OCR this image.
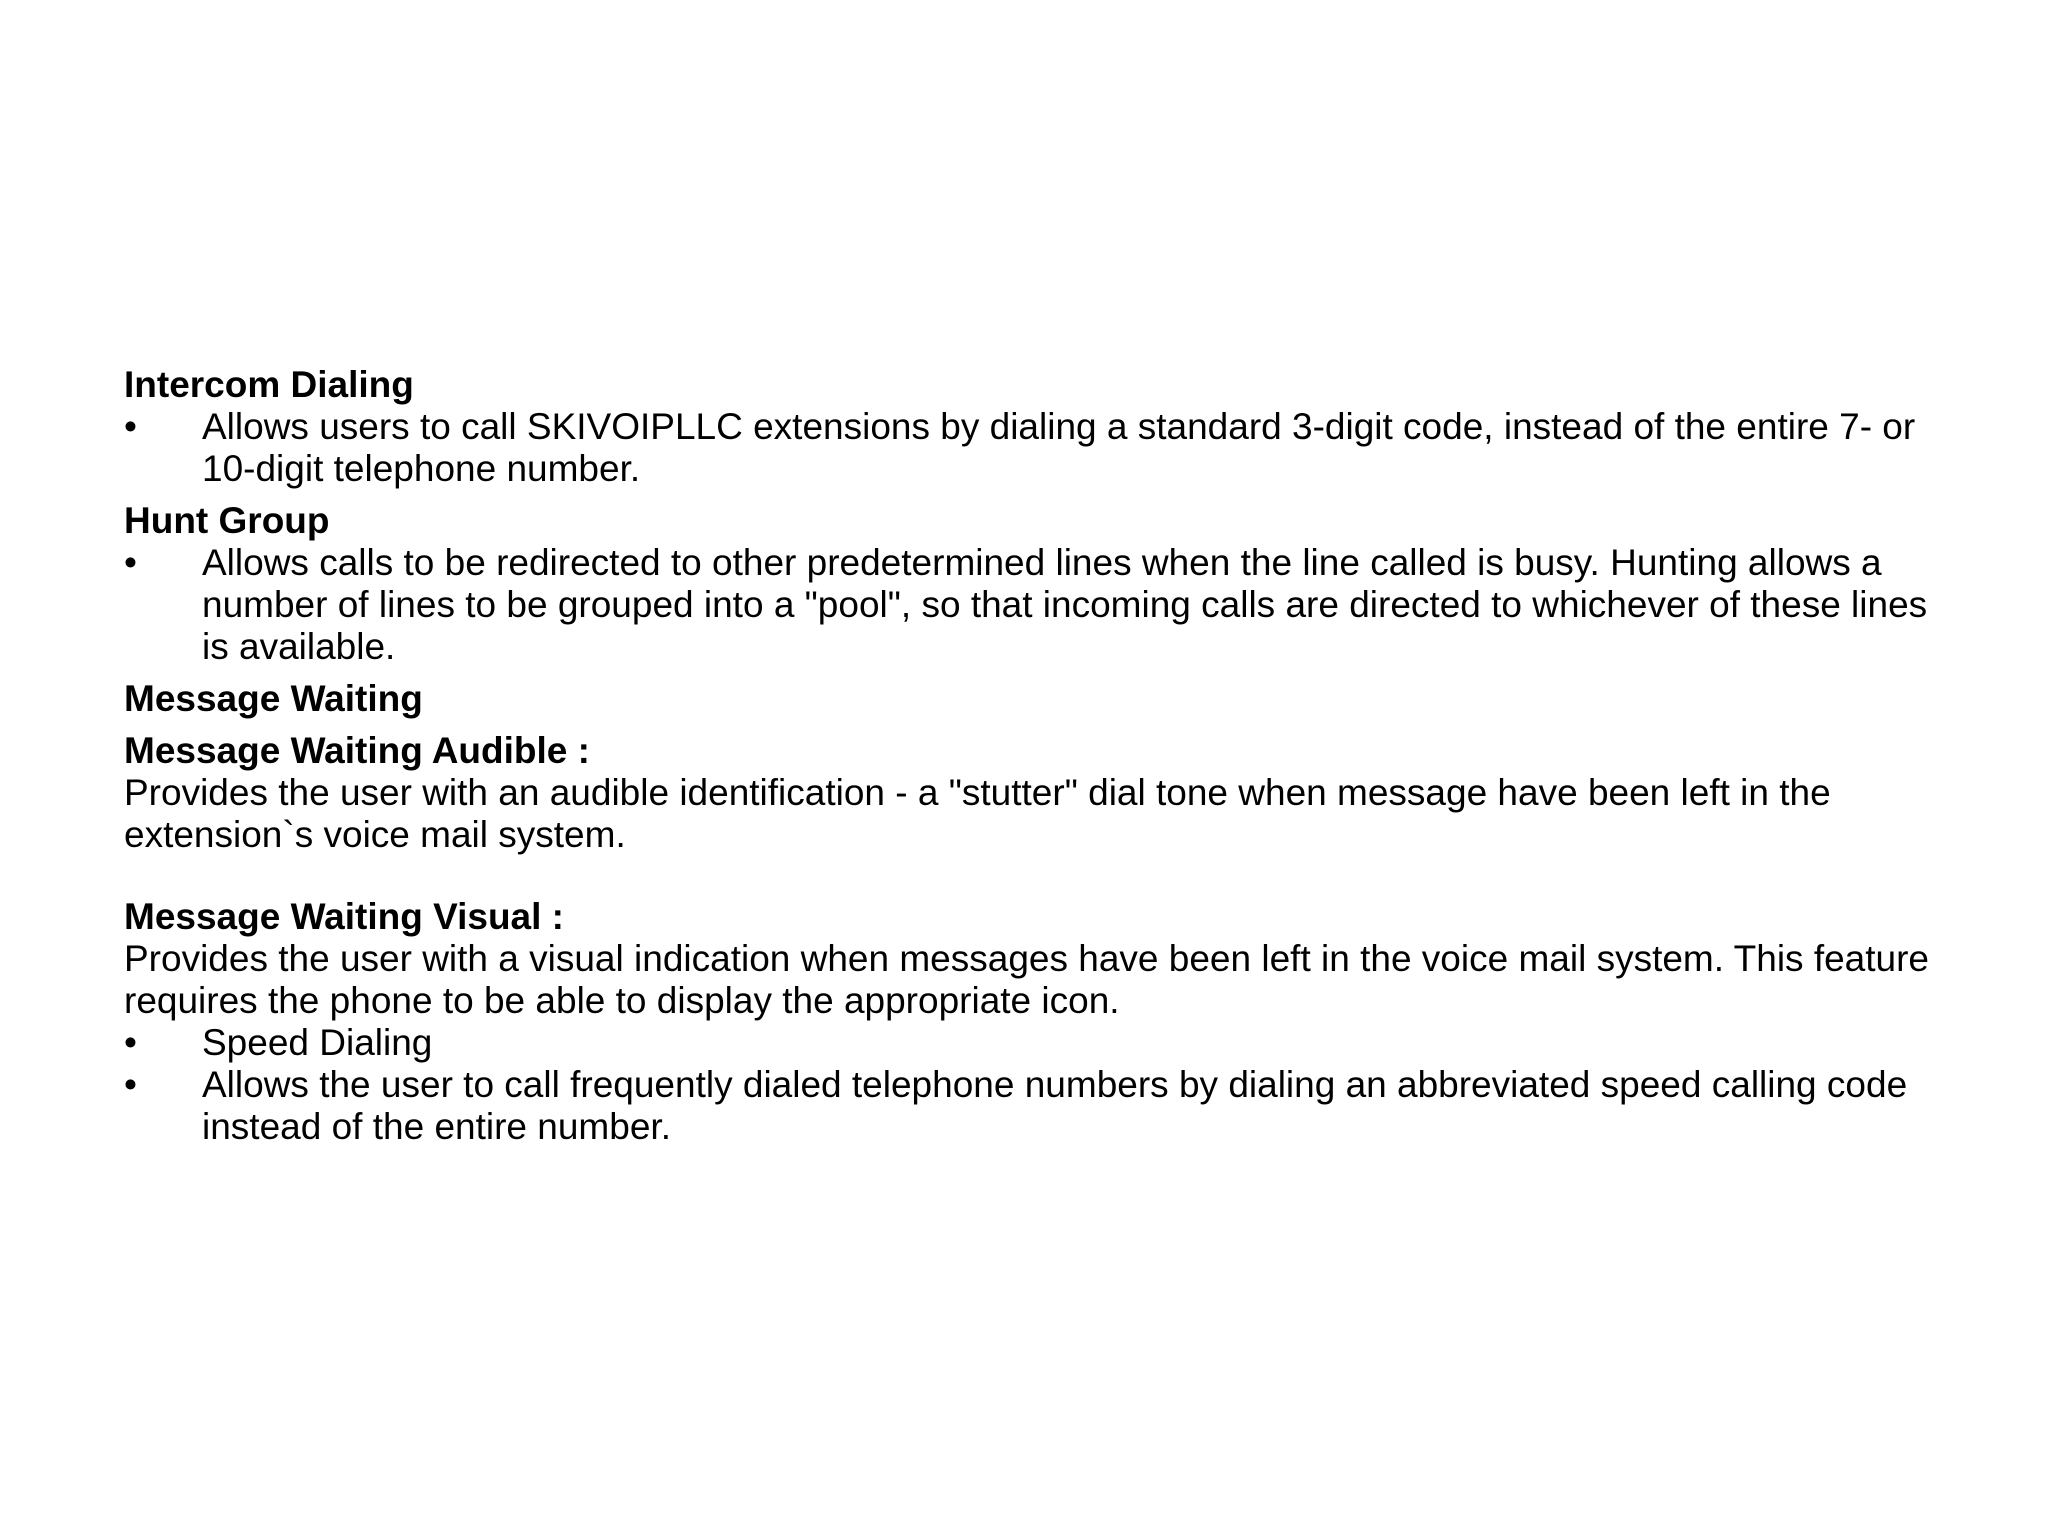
Intercom Dialing

• Allows users to call SKIVOIPLLC extensions by dialing a standard 3-digit code, instead of the entire 7- or 10-digit telephone number.

Hunt Group

• Allows calls to be redirected to other predetermined lines when the line called is busy. Hunting allows a number of lines to be grouped into a "pool", so that incoming calls are directed to whichever of these lines is available.

Message Waiting

Message Waiting Audible :

Provides the user with an audible identification - a "stutter" dial tone when message have been left in the extension`s voice mail system.

Message Waiting Visual :

Provides the user with a visual indication when messages have been left in the voice mail system. This feature requires the phone to be able to display the appropriate icon.

• Speed Dialing
• Allows the user to call frequently dialed telephone numbers by dialing an abbreviated speed calling code instead of the entire number.
